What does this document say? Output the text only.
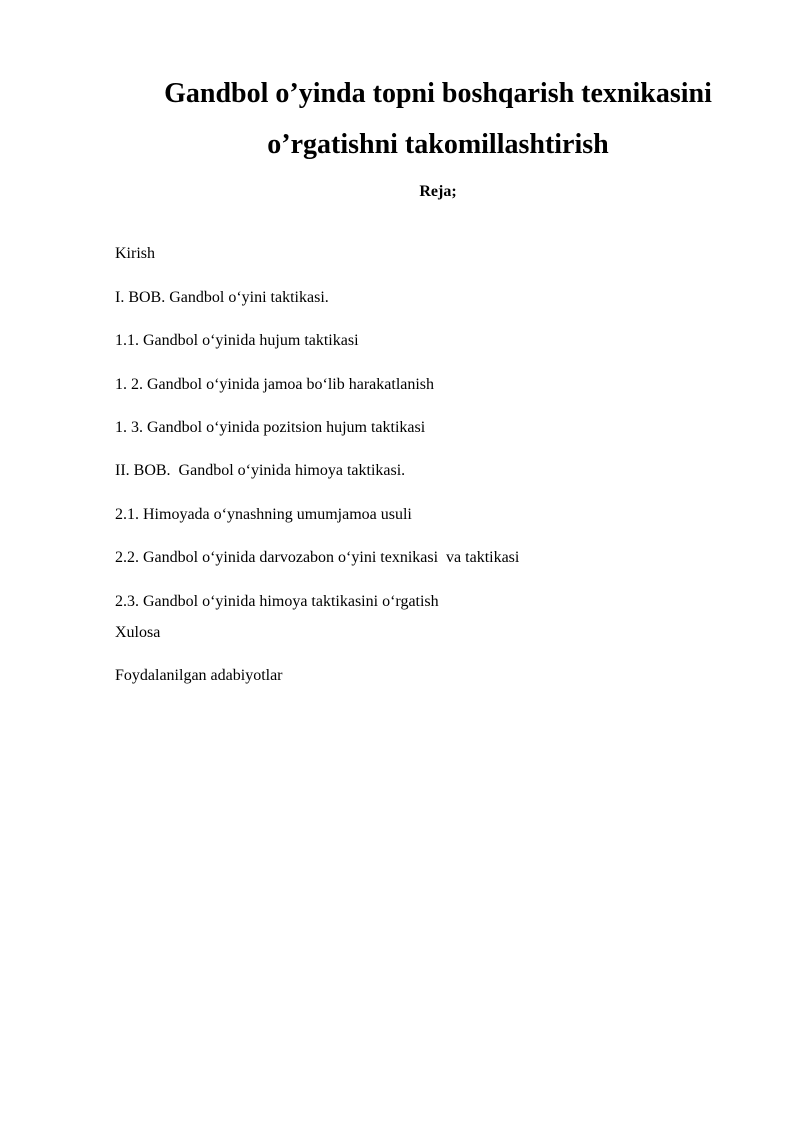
Gandbol o’yinda topni boshqarish texnikasini
o’rgatishni takomillashtirish
Reja;
Kirish
I. BOB. Gandbol o‘yini taktikasi.
1.1. Gandbol o‘yinida hujum taktikasi
1. 2. Gandbol o‘yinida jamoa bo‘lib harakatlanish
1. 3. Gandbol o‘yinida pozitsion hujum taktikasi
II. BOB.  Gandbol o‘yinida himoya taktikasi.
2.1. Himoyada o‘ynashning umumjamoa usuli
2.2. Gandbol o‘yinida darvozabon o‘yini texnikasi  va taktikasi
2.3. Gandbol o‘yinida himoya taktikasini o‘rgatish
Xulosa
Foydalanilgan adabiyotlar
